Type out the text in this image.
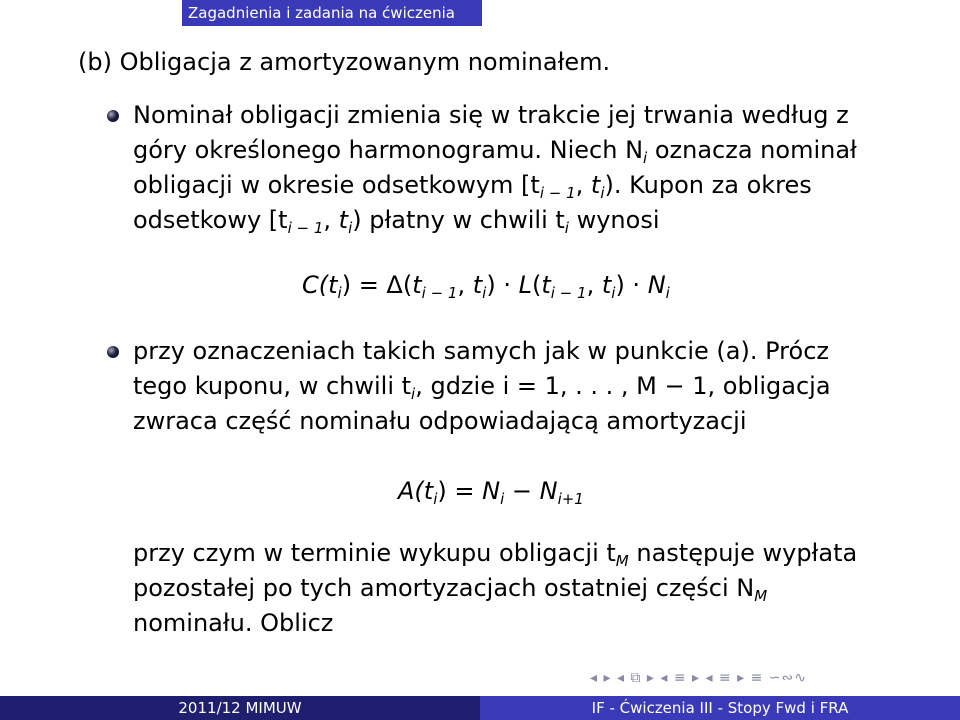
Zagadnienia i zadania na ćwiczenia
(b) Obligacja z amortyzowanym nominałem.
Nominał obligacji zmienia się w trakcie jej trwania według z
góry określonego harmonogramu. Niech $N_i$ oznacza nominał
obligacji w okresie odsetkowym [$t_{i - 1}$, $t_i$). Kupon za okres
odsetkowy [$t_{i - 1}$, $t_i$) płatny w chwili $t_i$ wynosi
$C(t_i) = \Delta(t_{i - 1}$, $t_i) \cdot L(t_{i - 1}$, $t_i) \cdot N_i$
przy oznaczeniach takich samych jak w punkcie (a). Prócz
tego kuponu, w chwili $t_i$, gdzie i = 1, . . . , M − 1, obligacja
zwraca część nominału odpowiadającą amortyzacji
$A(t_i) = N_i - N_{i+1}$
przy czym w terminie wykupu obligacji $t_M$ następuje wypłata
pozostałej po tych amortyzacjach ostatniej części $N_M$
nominału. Oblicz
◂ ▸ ◂ ⧉ ▸ ◂ ≡ ▸ ◂ ≡ ▸ ≡ ∽∾∿
2011/12 MIMUW	IF - Ćwiczenia III - Stopy Fwd i FRA
